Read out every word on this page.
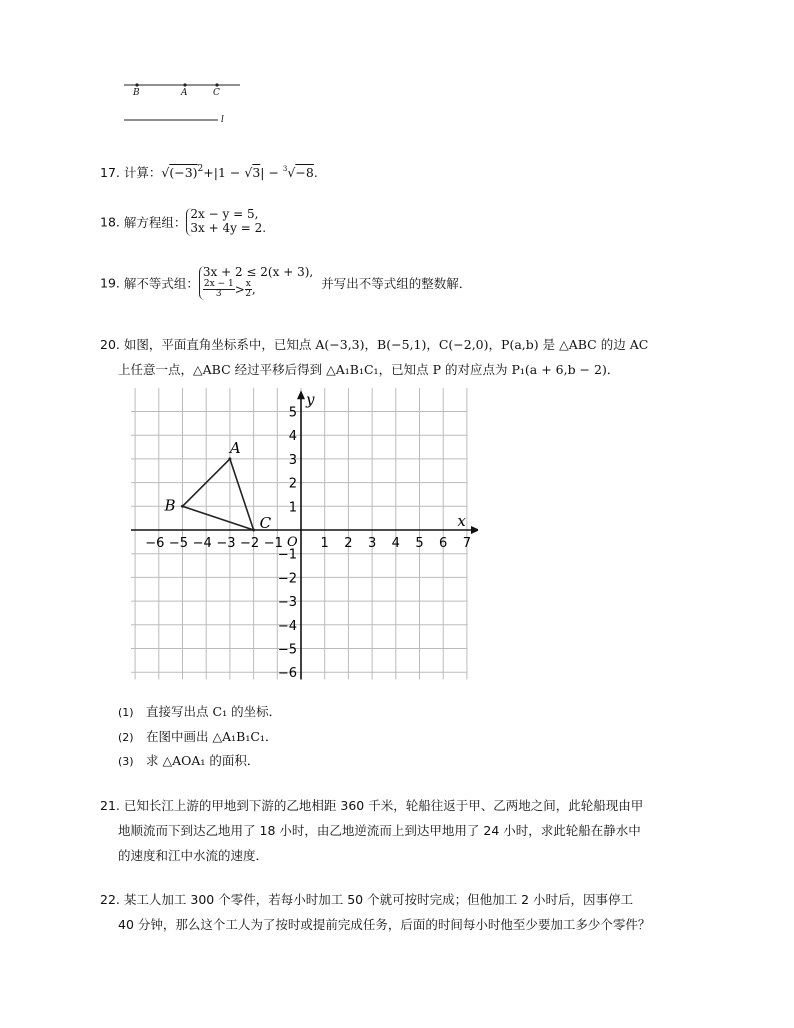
B	A	C
l
17. 计算：$√(-3)^2+|1 - √3| - ^3√-8$.
18. 解方程组：
2x − y = 5,
3x + 4y = 2.
19. 解不等式组：
3x + 2 ≤ 2(x + 3),
$\frac{2x - 1}{3} > \frac{x}{2}$ ,	并写出不等式组的整数解．
20. 如图，平面直角坐标系中，已知点 A(−3,3)，B(−5,1)，C(−2,0)，P(a,b) 是 △ABC 的边 AC
上任意一点，△ABC 经过平移后得到 △A₁B₁C₁，已知点 P 的对应点为 P₁(a + 6,b − 2)．
x
y
O
−6 −5 −4 −3 −2 −1	1 2 3 4 5 6 7
5
4
3
2
1
−1
−2
−3
−4
−5
−6
A
B
C
(1) 直接写出点 C₁ 的坐标．
(2) 在图中画出 △A₁B₁C₁．
(3) 求 △AOA₁ 的面积．
21. 已知长江上游的甲地到下游的乙地相距 360 千米，轮船往返于甲、乙两地之间，此轮船现由甲
地顺流而下到达乙地用了 18 小时，由乙地逆流而上到达甲地用了 24 小时，求此轮船在静水中
的速度和江中水流的速度．
22. 某工人加工 300 个零件，若每小时加工 50 个就可按时完成；但他加工 2 小时后，因事停工
40 分钟，那么这个工人为了按时或提前完成任务，后面的时间每小时他至少要加工多少个零件？
